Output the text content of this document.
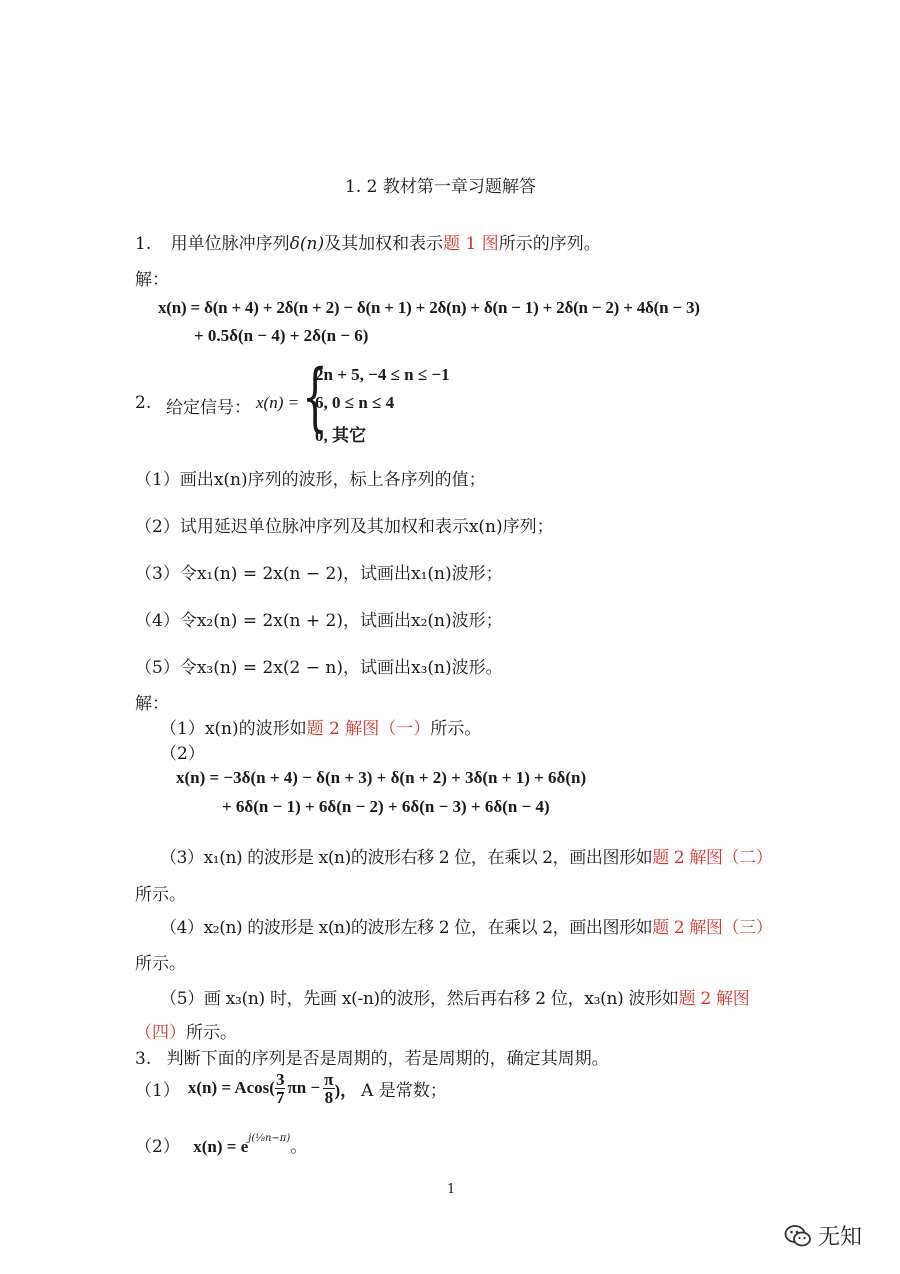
1. 2 教材第一章习题解答
1. 用单位脉冲序列δ(n)及其加权和表示题 1 图所示的序列。
解：
x(n) = δ(n + 4) + 2δ(n + 2) − δ(n + 1) + 2δ(n) + δ(n − 1) + 2δ(n − 2) + 4δ(n − 3)
+ 0.5δ(n − 4) + 2δ(n − 6)
2. 给定信号： x(n) = {
2n + 5, −4 ≤ n ≤ −1
6, 0 ≤ n ≤ 4
0, 其它
（1）画出x(n)序列的波形，标上各序列的值；
（2）试用延迟单位脉冲序列及其加权和表示x(n)序列；
（3）令x₁(n) = 2x(n − 2)，试画出x₁(n)波形；
（4）令x₂(n) = 2x(n + 2)，试画出x₂(n)波形；
（5）令x₃(n) = 2x(2 − n)，试画出x₃(n)波形。
解：
（1）x(n)的波形如题 2 解图（一）所示。
（2）
x(n) = −3δ(n + 4) − δ(n + 3) + δ(n + 2) + 3δ(n + 1) + 6δ(n)
+ 6δ(n − 1) + 6δ(n − 2) + 6δ(n − 3) + 6δ(n − 4)
（3）x₁(n) 的波形是 x(n)的波形右移 2 位，在乘以 2，画出图形如题 2 解图（二）
所示。
（4）x₂(n) 的波形是 x(n)的波形左移 2 位，在乘以 2，画出图形如题 2 解图（三）
所示。
（5）画 x₃(n) 时，先画 x(-n)的波形，然后再右移 2 位，x₃(n) 波形如题 2 解图
（四）所示。
3. 判断下面的序列是否是周期的，若是周期的，确定其周期。
（1） $x(n) = Acos( \frac{3}{7}$ $\pi n - \frac{\pi}{8}$ )， A 是常数；
（2） $x(n) = e^{j(\frac{1}{8}n-\pi)}$。
1
无知
